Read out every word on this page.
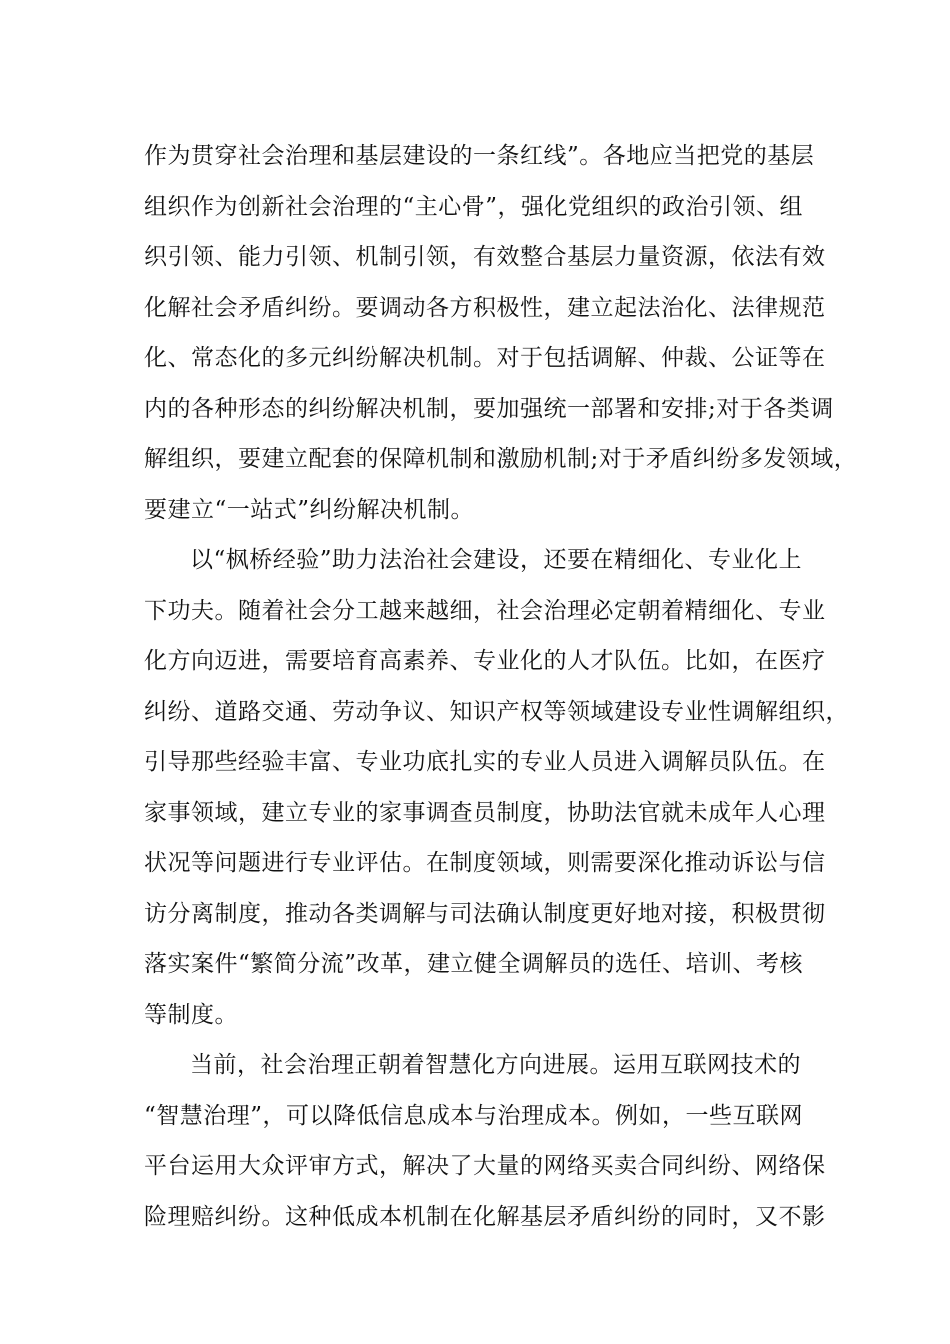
作为贯穿社会治理和基层建设的一条红线”。各地应当把党的基层
组织作为创新社会治理的“主心骨”，强化党组织的政治引领、组
织引领、能力引领、机制引领，有效整合基层力量资源，依法有效
化解社会矛盾纠纷。要调动各方积极性，建立起法治化、法律规范
化、常态化的多元纠纷解决机制。对于包括调解、仲裁、公证等在
内的各种形态的纠纷解决机制，要加强统一部署和安排;对于各类调
解组织，要建立配套的保障机制和激励机制;对于矛盾纠纷多发领域，
要建立“一站式”纠纷解决机制。
以“枫桥经验”助力法治社会建设，还要在精细化、专业化上
下功夫。随着社会分工越来越细，社会治理必定朝着精细化、专业
化方向迈进，需要培育高素养、专业化的人才队伍。比如，在医疗
纠纷、道路交通、劳动争议、知识产权等领域建设专业性调解组织，
引导那些经验丰富、专业功底扎实的专业人员进入调解员队伍。在
家事领域，建立专业的家事调查员制度，协助法官就未成年人心理
状况等问题进行专业评估。在制度领域，则需要深化推动诉讼与信
访分离制度，推动各类调解与司法确认制度更好地对接，积极贯彻
落实案件“繁简分流”改革，建立健全调解员的选任、培训、考核
等制度。
当前，社会治理正朝着智慧化方向进展。运用互联网技术的
“智慧治理”，可以降低信息成本与治理成本。例如，一些互联网
平台运用大众评审方式，解决了大量的网络买卖合同纠纷、网络保
险理赔纠纷。这种低成本机制在化解基层矛盾纠纷的同时，又不影
